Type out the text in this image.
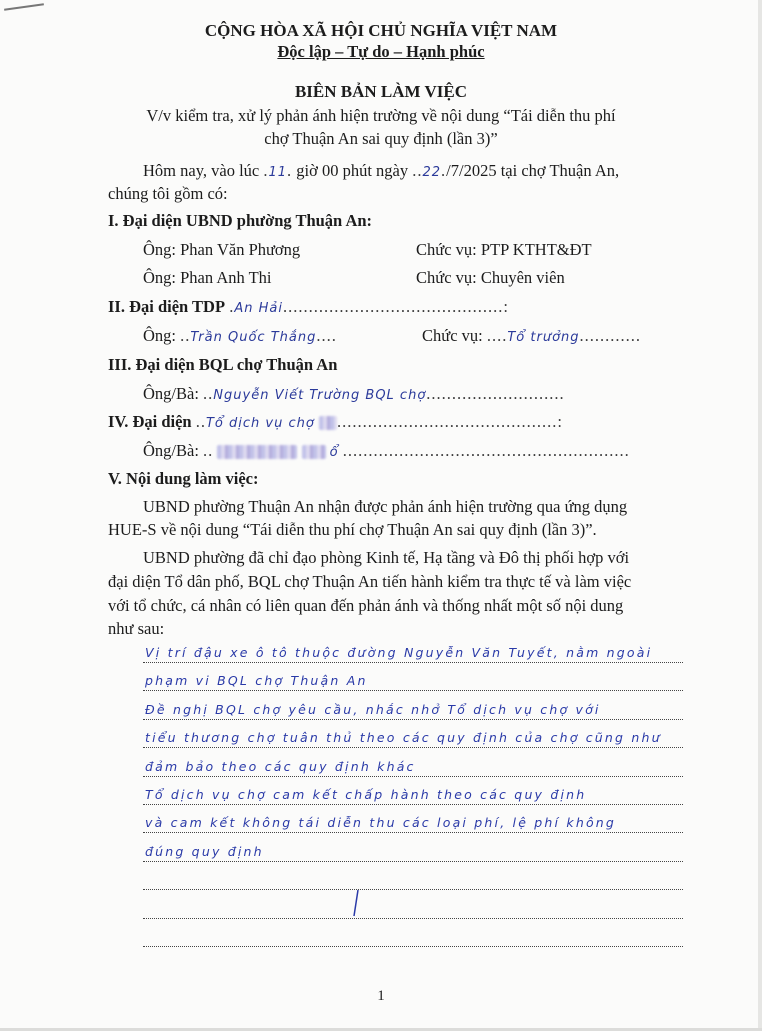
CỘNG HÒA XÃ HỘI CHỦ NGHĨA VIỆT NAM
Độc lập – Tự do – Hạnh phúc
BIÊN BẢN LÀM VIỆC
V/v kiểm tra, xử lý phản ánh hiện trường về nội dung “Tái diễn thu phí
chợ Thuận An sai quy định (lần 3)”
Hôm nay, vào lúc .11. giờ 00 phút ngày ..22./7/2025 tại chợ Thuận An,
chúng tôi gồm có:
I. Đại diện UBND phường Thuận An:
Ông: Phan Văn Phương	Chức vụ: PTP KTHT&ĐT
Ông: Phan Anh Thi	Chức vụ: Chuyên viên
II. Đại diện TDP .An Hải...........................................:
Ông: ..Trần Quốc Thắng....	Chức vụ: ....Tổ trưởng............
III. Đại diện BQL chợ Thuận An
Ông/Bà: ..Nguyễn Viết Trường BQL chợ...........................
IV. Đại diện ..Tổ dịch vụ chợ ...........................................:
Ông/Bà: ..	ổ ........................................................
V. Nội dung làm việc:
UBND phường Thuận An nhận được phản ánh hiện trường qua ứng dụng
HUE-S về nội dung “Tái diễn thu phí chợ Thuận An sai quy định (lần 3)”.
UBND phường đã chỉ đạo phòng Kinh tế, Hạ tầng và Đô thị phối hợp với
đại diện Tổ dân phố, BQL chợ Thuận An tiến hành kiểm tra thực tế và làm việc
với tổ chức, cá nhân có liên quan đến phản ánh và thống nhất một số nội dung
như sau:
Vị trí đậu xe ô tô thuộc đường Nguyễn Văn Tuyết, nằm ngoài
phạm vi BQL chợ Thuận An
Đề nghị BQL chợ yêu cầu, nhắc nhở Tổ dịch vụ chợ với
tiểu thương chợ tuân thủ theo các quy định của chợ cũng như
đảm bảo theo các quy định khác
Tổ dịch vụ chợ cam kết chấp hành theo các quy định
và cam kết không tái diễn thu các loại phí, lệ phí không
đúng quy định
1
